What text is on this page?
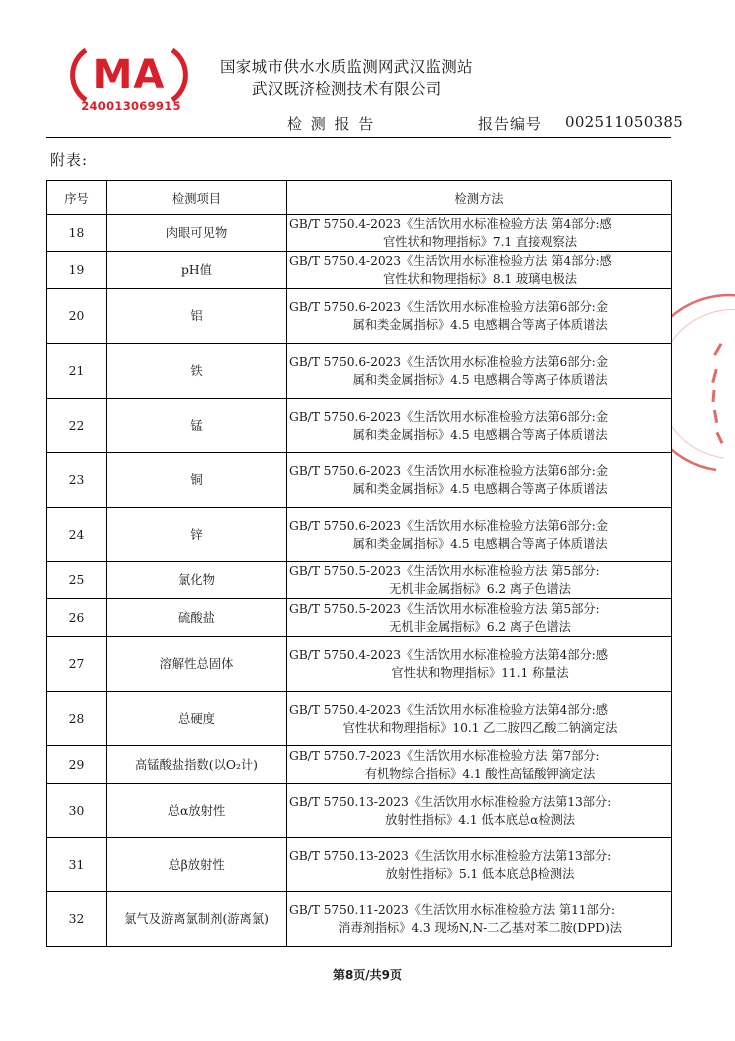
MA
240013069915
国家城市供水水质监测网武汉监测站
武汉既济检测技术有限公司
检 测 报 告	报告编号 002511050385
附表:
序号	检测项目	检测方法
18	肉眼可见物	GB/T 5750.4-2023《生活饮用水标准检验方法 第4部分:感
官性状和物理指标》7.1 直接观察法

19	pH值	GB/T 5750.4-2023《生活饮用水标准检验方法 第4部分:感
官性状和物理指标》8.1 玻璃电极法

20	铝	GB/T 5750.6-2023《生活饮用水标准检验方法第6部分:金
属和类金属指标》4.5 电感耦合等离子体质谱法

21	铁	GB/T 5750.6-2023《生活饮用水标准检验方法第6部分:金
属和类金属指标》4.5 电感耦合等离子体质谱法

22	锰	GB/T 5750.6-2023《生活饮用水标准检验方法第6部分:金
属和类金属指标》4.5 电感耦合等离子体质谱法

23	铜	GB/T 5750.6-2023《生活饮用水标准检验方法第6部分:金
属和类金属指标》4.5 电感耦合等离子体质谱法

24	锌	GB/T 5750.6-2023《生活饮用水标准检验方法第6部分:金
属和类金属指标》4.5 电感耦合等离子体质谱法

25	氯化物	GB/T 5750.5-2023《生活饮用水标准检验方法 第5部分:
无机非金属指标》6.2 离子色谱法

26	硫酸盐	GB/T 5750.5-2023《生活饮用水标准检验方法 第5部分:
无机非金属指标》6.2 离子色谱法

27	溶解性总固体	GB/T 5750.4-2023《生活饮用水标准检验方法第4部分:感
官性状和物理指标》11.1 称量法

28	总硬度	GB/T 5750.4-2023《生活饮用水标准检验方法第4部分:感
官性状和物理指标》10.1 乙二胺四乙酸二钠滴定法

29	高锰酸盐指数(以O₂计)	GB/T 5750.7-2023《生活饮用水标准检验方法 第7部分:
有机物综合指标》4.1 酸性高锰酸钾滴定法

30	总α放射性	GB/T 5750.13-2023《生活饮用水标准检验方法第13部分:
放射性指标》4.1 低本底总α检测法

31	总β放射性	GB/T 5750.13-2023《生活饮用水标准检验方法第13部分:
放射性指标》5.1 低本底总β检测法

32	氯气及游离氯制剂(游离氯)	GB/T 5750.11-2023《生活饮用水标准检验方法 第11部分:
消毒剂指标》4.3 现场N,N-二乙基对苯二胺(DPD)法
第8页/共9页
